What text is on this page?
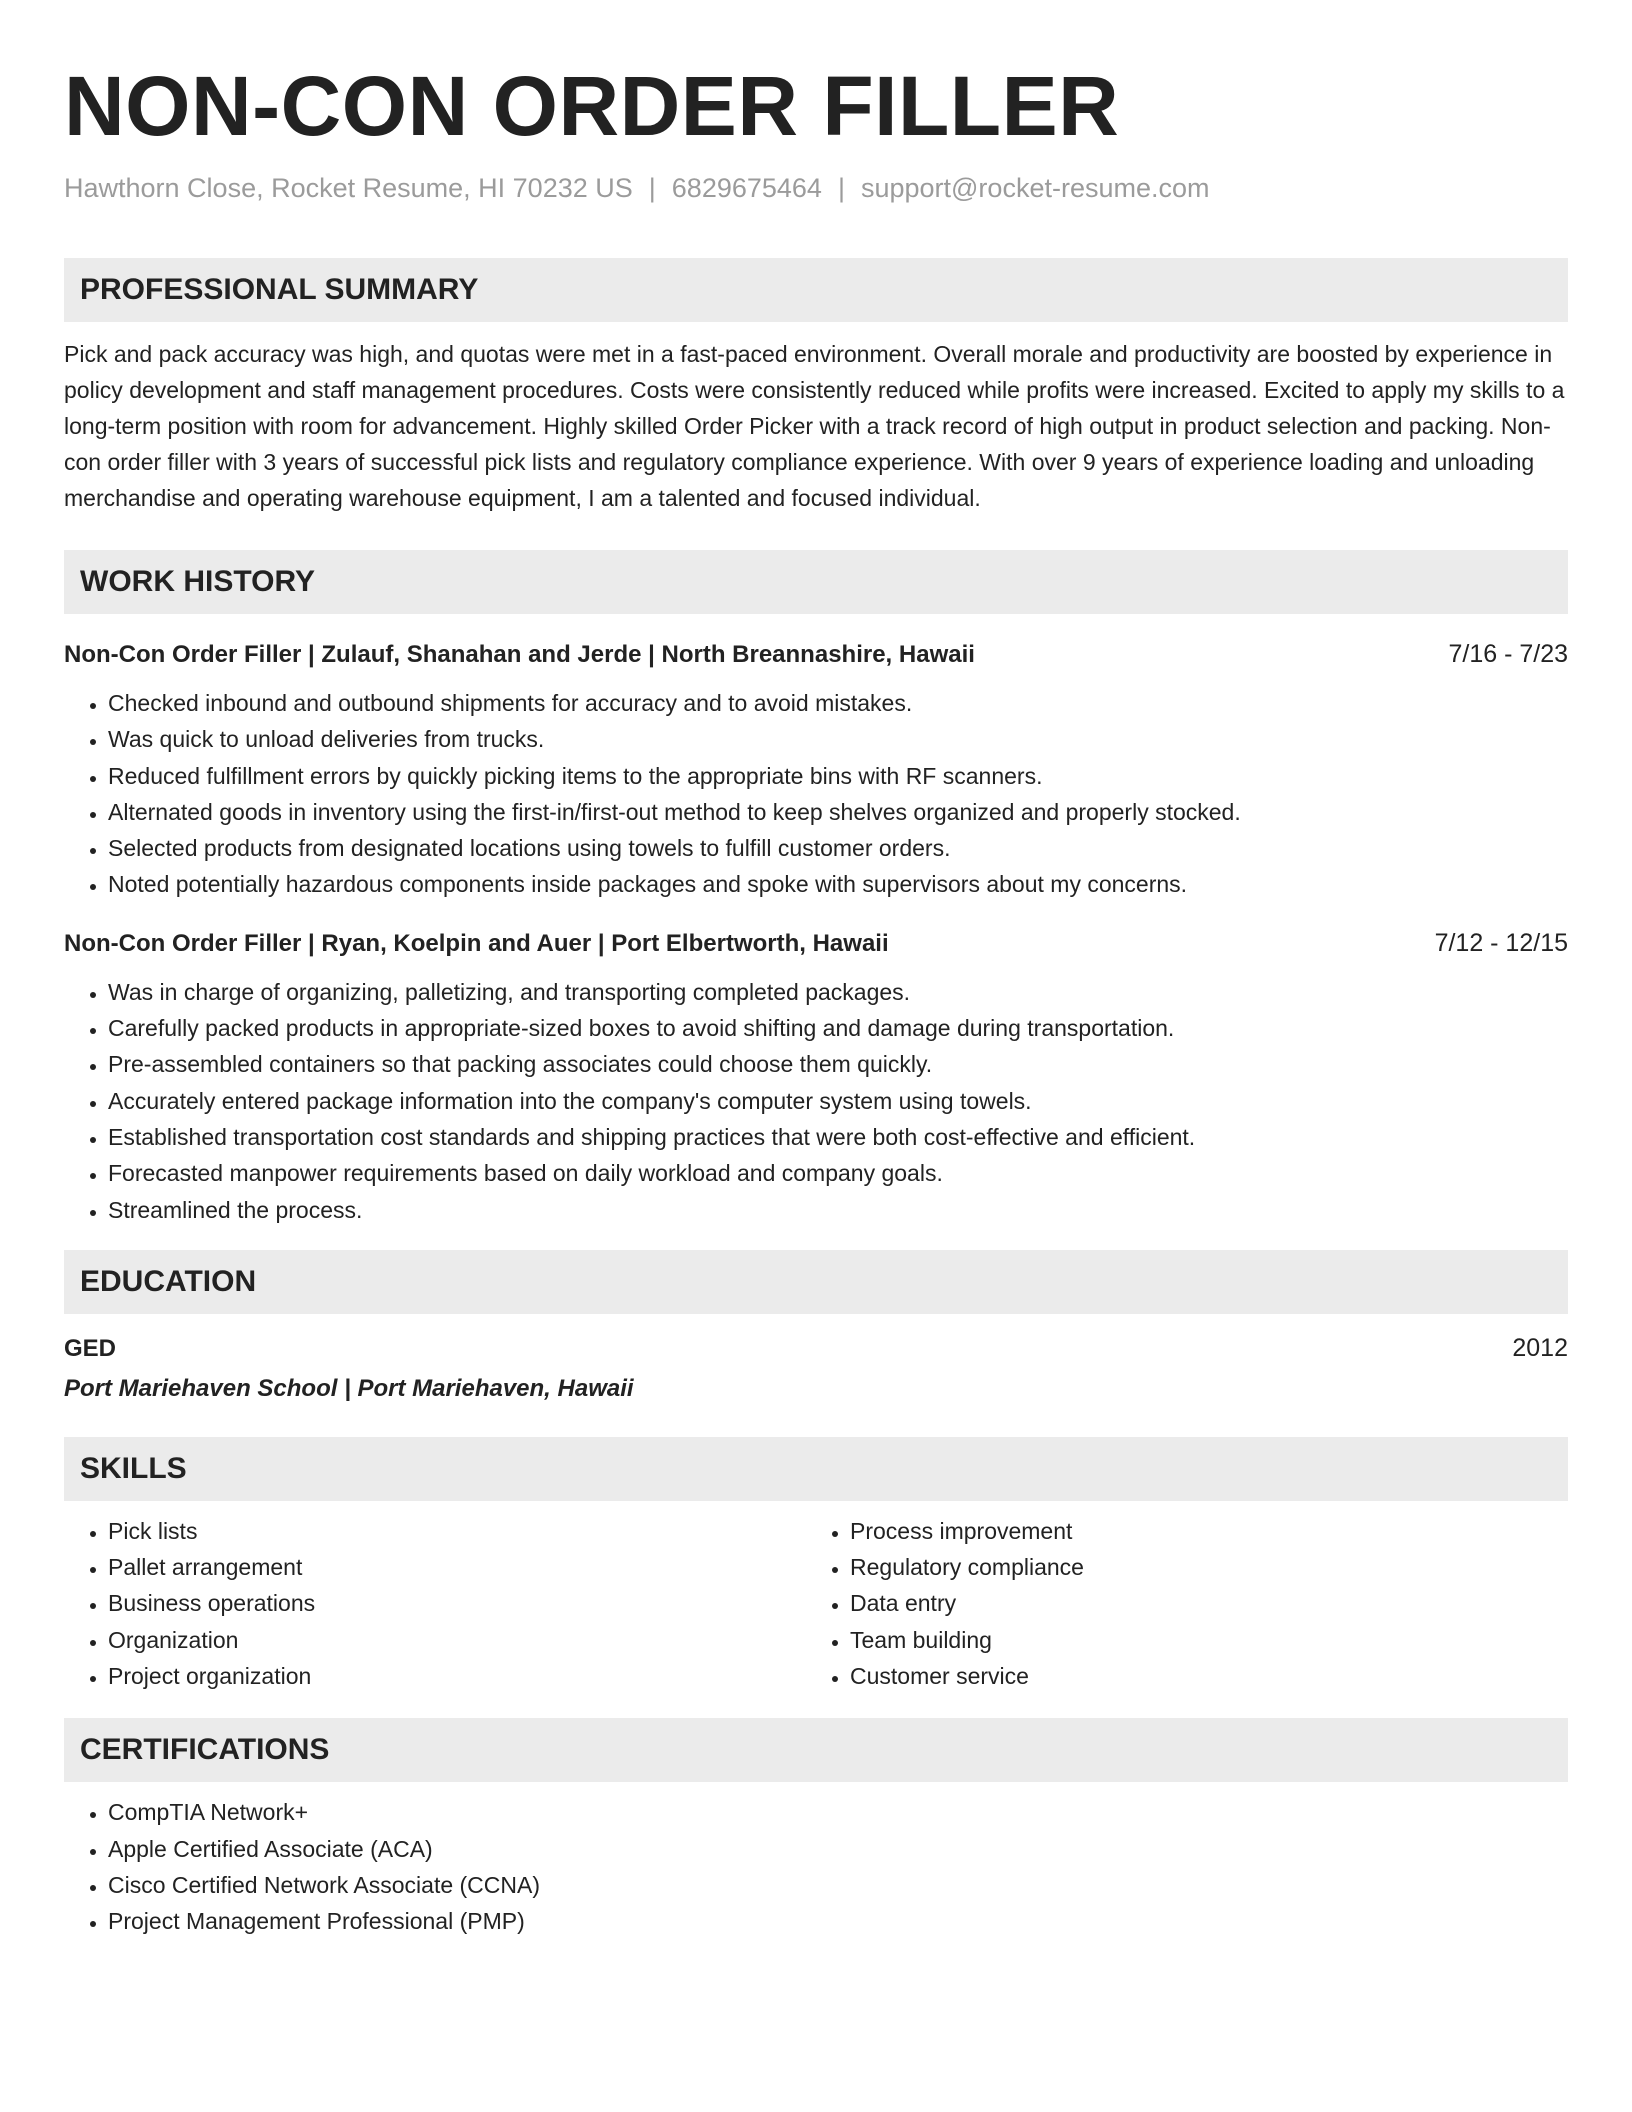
NON-CON ORDER FILLER
Hawthorn Close, Rocket Resume, HI 70232 US | 6829675464 | support@rocket-resume.com
PROFESSIONAL SUMMARY

Pick and pack accuracy was high, and quotas were met in a fast-paced environment. Overall morale and productivity are boosted by experience in policy development and staff management procedures. Costs were consistently reduced while profits were increased. Excited to apply my skills to a long-term position with room for advancement. Highly skilled Order Picker with a track record of high output in product selection and packing. Non-con order filler with 3 years of successful pick lists and regulatory compliance experience. With over 9 years of experience loading and unloading merchandise and operating warehouse equipment, I am a talented and focused individual.

WORK HISTORY
Non-Con Order Filler | Zulauf, Shanahan and Jerde | North Breannashire, Hawaii	7/16 - 7/23
• Checked inbound and outbound shipments for accuracy and to avoid mistakes.
• Was quick to unload deliveries from trucks.
• Reduced fulfillment errors by quickly picking items to the appropriate bins with RF scanners.
• Alternated goods in inventory using the first-in/first-out method to keep shelves organized and properly stocked.
• Selected products from designated locations using towels to fulfill customer orders.
• Noted potentially hazardous components inside packages and spoke with supervisors about my concerns.
Non-Con Order Filler | Ryan, Koelpin and Auer | Port Elbertworth, Hawaii	7/12 - 12/15
• Was in charge of organizing, palletizing, and transporting completed packages.
• Carefully packed products in appropriate-sized boxes to avoid shifting and damage during transportation.
• Pre-assembled containers so that packing associates could choose them quickly.
• Accurately entered package information into the company's computer system using towels.
• Established transportation cost standards and shipping practices that were both cost-effective and efficient.
• Forecasted manpower requirements based on daily workload and company goals.
• Streamlined the process.
EDUCATION
GED	2012
Port Mariehaven School | Port Mariehaven, Hawaii
SKILLS
• Pick lists
• Pallet arrangement
• Business operations
• Organization
• Project organization
• Process improvement
• Regulatory compliance
• Data entry
• Team building
• Customer service
CERTIFICATIONS
• CompTIA Network+
• Apple Certified Associate (ACA)
• Cisco Certified Network Associate (CCNA)
• Project Management Professional (PMP)
